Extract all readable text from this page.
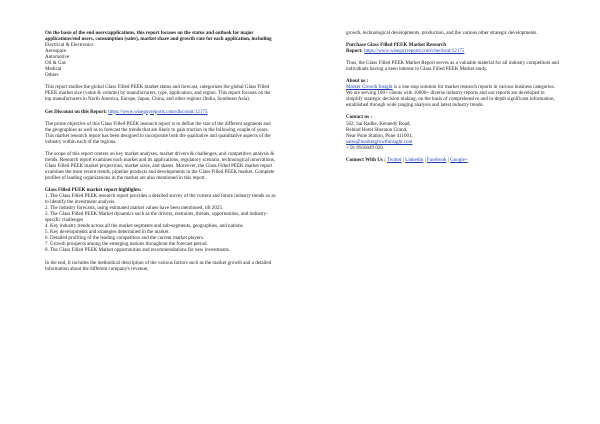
On the basis of the end users/applications, this report focuses on the status and outlook for major applications/end users, consumption (sales), market share and growth rate for each application, including
Electrical & Electronics
Aerospace
Automotive
Oil & Gas
Medical
Others
This report studies the global Glass Filled PEEK market status and forecast, categorizes the global Glass Filled PEEK market size (value & volume) by manufacturers, type, application, and region. This report focuses on the top manufacturers in North America, Europe, Japan, China, and other regions (India, Southeast Asia).
Get Discount on this Report: https://www.wiseguyreports.com/discount/12175
The prime objective of this Glass Filled PEEK research report is to define the size of the different segments and the geographies as well as to forecast the trends that are likely to gain traction in the following couple of years. This market research report has been designed to incorporate both the qualitative and quantitative aspects of the industry within each of the regions.
The scope of this report centers on key market analyses, market drivers & challenges, and competitive analysis & trends. Research report examines each market and its applications, regulatory scenario, technological innovations, Glass Filled PEEK market projections, market sizes, and shares. Moreover, the Glass Filled PEEK market report examines the most recent trends, pipeline products and developments in the Glass Filled PEEK market. Complete profiles of leading organizations in the market are also mentioned in this report.
Glass Filled PEEK market report highlights:
1. The Glass Filled PEEK research report provides a detailed survey of the current and future industry trends so as to identify the investment analysis.
2. The industry forecasts, using estimated market values have been mentioned, till 2025.
3. The Glass Filled PEEK Market dynamics such as the drivers, restraints, threats, opportunities, and industry-specific challenges
4. Key industry trends across all the market segments and sub-segments, geographies, and nations.
5. Key developments and strategies determined in the market.
6. Detailed profiling of the leading competitors and the current market players.
7. Growth prospects among the emerging nations throughout the forecast period.
8. The Glass Filled PEEK Market opportunities and recommendations for new investments.
In the end, It includes the methodical description of the various factors such as the market growth and a detailed information about the different company's revenue,
growth, technological developments, production, and the various other strategic developments.
Purchase Glass Filled PEEK Market Research
Report: https://www.wiseguyreports.com/checkout/12175
Thus, the Glass Filled PEEK Market Report serves as a valuable material for all industry competitors and individuals having a keen interest in Glass Filled PEEK Market study.
About us :
Market Growth Insight is a one stop solution for market research reports in various business categories. We are serving 100+ clients with 10000+ diverse industry reports and our reports are developed to simplify strategic decision making, on the basis of comprehensive and in-depth significant information, established through wide ranging analysis and latest industry trends.
Contact us :
502, Sai Radhe, Kennedy Road,
Behind Hotel Sheraton Grand,
Near Pune Station, Pune 411001,
sales@marketgrowthinsight.com
+ 91 8956049 020
Connect With Us : Twitter | Linkedin | Facebook | Google+
